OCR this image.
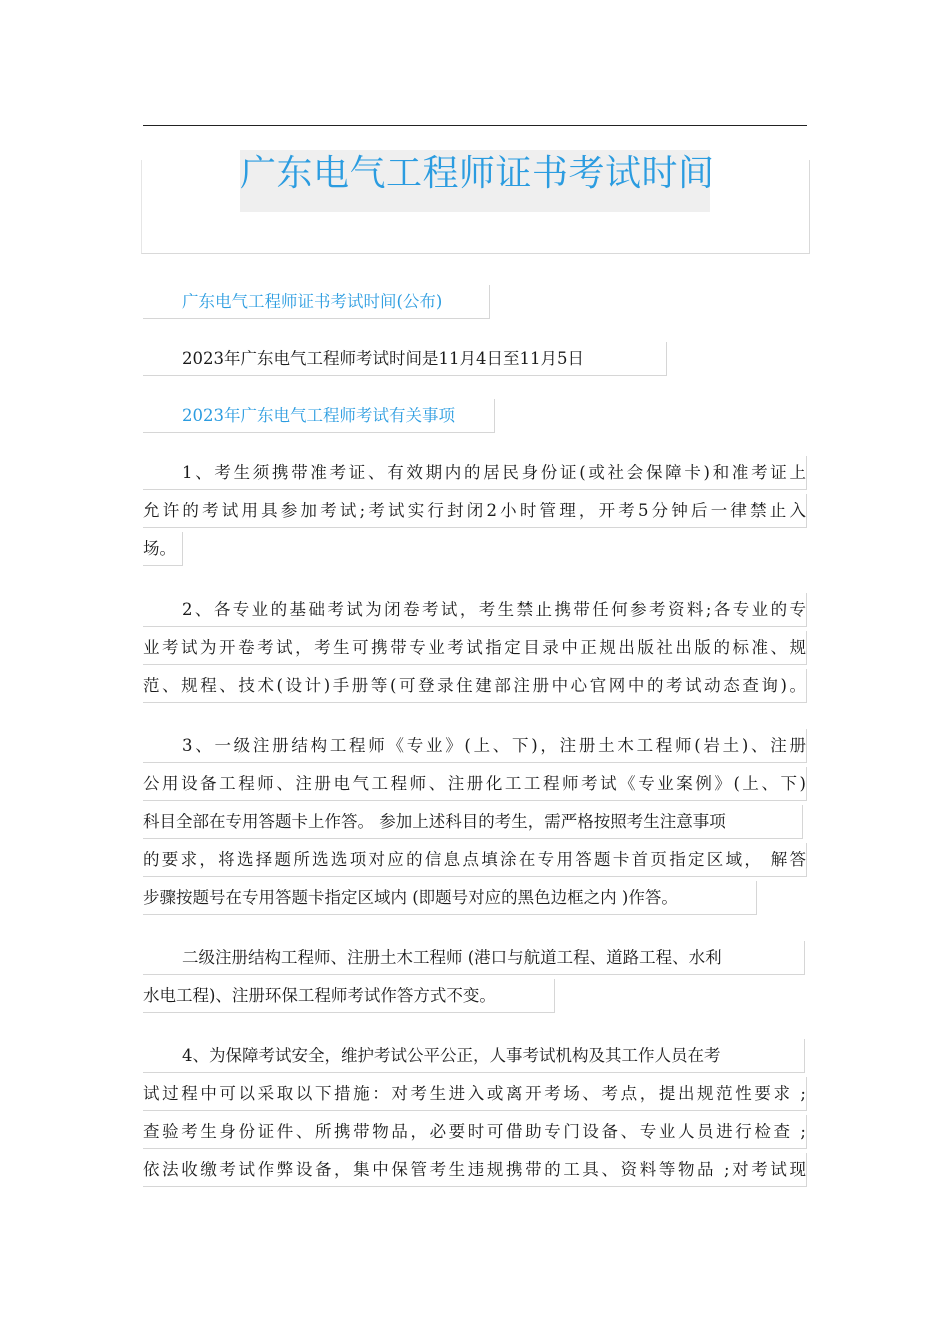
广东电气工程师证书考试时间
广东电气工程师证书考试时间(公布)
2023年广东电气工程师考试时间是11月4日至11月5日
2023年广东电气工程师考试有关事项
1、考生须携带准考证、有效期内的居民身份证(或社会保障卡)和准考证上
允许的考试用具参加考试;考试实行封闭2小时管理，开考5分钟后一律禁止入
场。
2、各专业的基础考试为闭卷考试，考生禁止携带任何参考资料;各专业的专
业考试为开卷考试，考生可携带专业考试指定目录中正规出版社出版的标准、规
范、规程、技术(设计)手册等(可登录住建部注册中心官网中的考试动态查询)。
3、一级注册结构工程师《专业》(上、下)，注册土木工程师(岩土)、注册
公用设备工程师、注册电气工程师、注册化工工程师考试《专业案例》(上、下)
科目全部在专用答题卡上作答。 参加上述科目的考生，需严格按照考生注意事项
的要求，将选择题所选选项对应的信息点填涂在专用答题卡首页指定区域， 解答
步骤按题号在专用答题卡指定区域内 (即题号对应的黑色边框之内 )作答。
二级注册结构工程师、注册土木工程师 (港口与航道工程、道路工程、水利
水电工程)、注册环保工程师考试作答方式不变。
4、为保障考试安全，维护考试公平公正，人事考试机构及其工作人员在考
试过程中可以采取以下措施：对考生进入或离开考场、考点，提出规范性要求 ;
查验考生身份证件、所携带物品，必要时可借助专门设备、专业人员进行检查 ;
依法收缴考试作弊设备，集中保管考生违规携带的工具、资料等物品 ;对考试现
